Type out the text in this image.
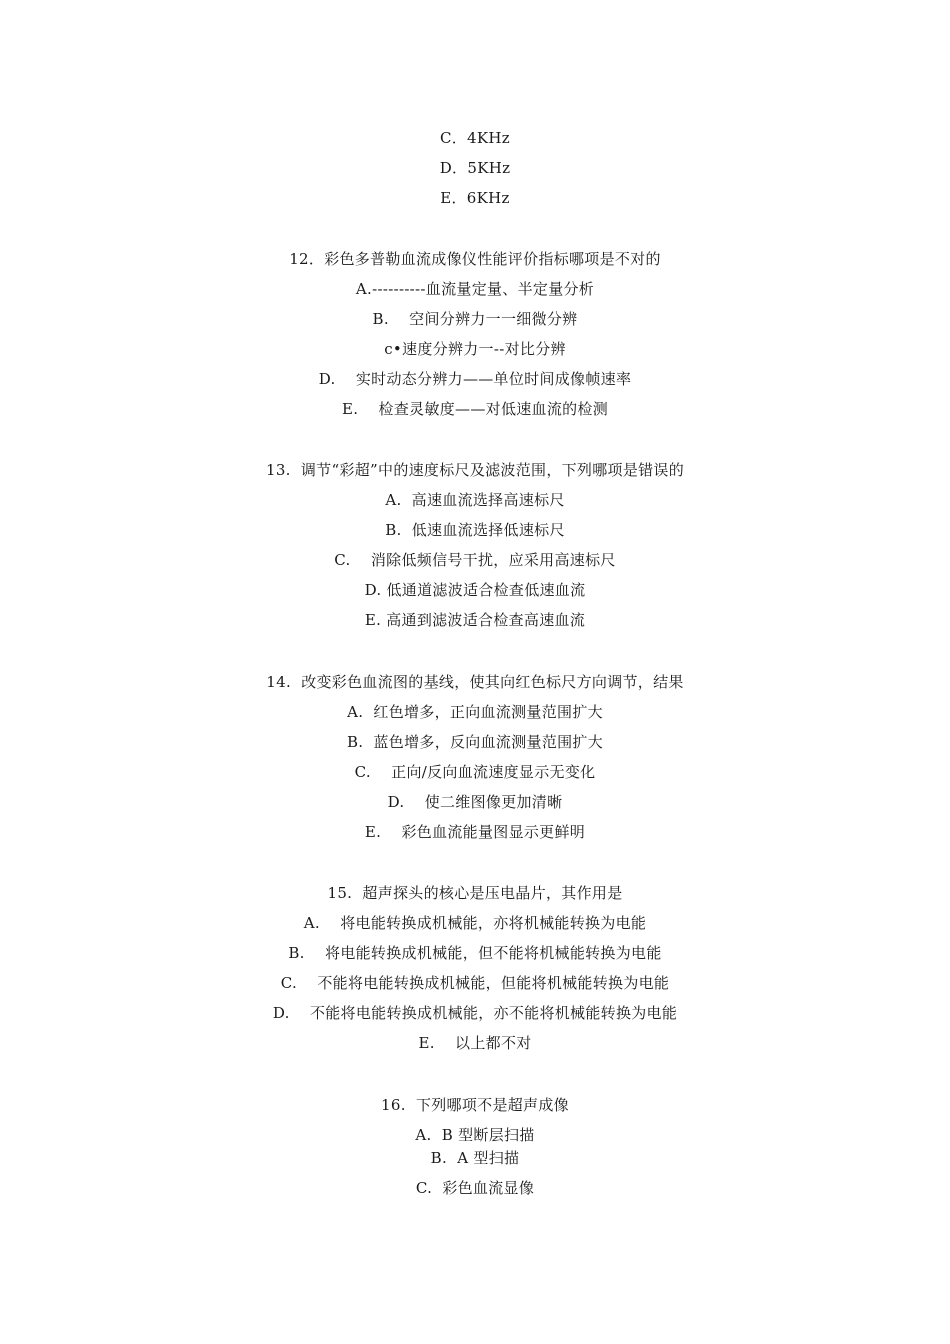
C．4KHz
D．5KHz
E．6KHz
12．彩色多普勒血流成像仪性能评价指标哪项是不对的
A.----------血流量定量、半定量分析
B.    空间分辨力一一细微分辨
c•速度分辨力一--对比分辨
D.    实时动态分辨力——单位时间成像帧速率
E.    检查灵敏度——对低速血流的检测
13.  调节“彩超”中的速度标尺及滤波范围，下列哪项是错误的
A.  高速血流选择高速标尺
B.  低速血流选择低速标尺
C.    消除低频信号干扰，应采用高速标尺
D. 低通道滤波适合检查低速血流
E. 高通到滤波适合检查高速血流
14.  改变彩色血流图的基线，使其向红色标尺方向调节，结果
A.  红色增多，正向血流测量范围扩大
B.  蓝色增多，反向血流测量范围扩大
C.    正向/反向血流速度显示无变化
D.    使二维图像更加清晰
E.    彩色血流能量图显示更鲜明
15.  超声探头的核心是压电晶片，其作用是
A.    将电能转换成机械能，亦将机械能转换为电能
B.    将电能转换成机械能，但不能将机械能转换为电能
C.    不能将电能转换成机械能，但能将机械能转换为电能
D.    不能将电能转换成机械能，亦不能将机械能转换为电能
E.    以上都不对
16.  下列哪项不是超声成像
A.  B 型断层扫描
B.  A 型扫描
C.  彩色血流显像
